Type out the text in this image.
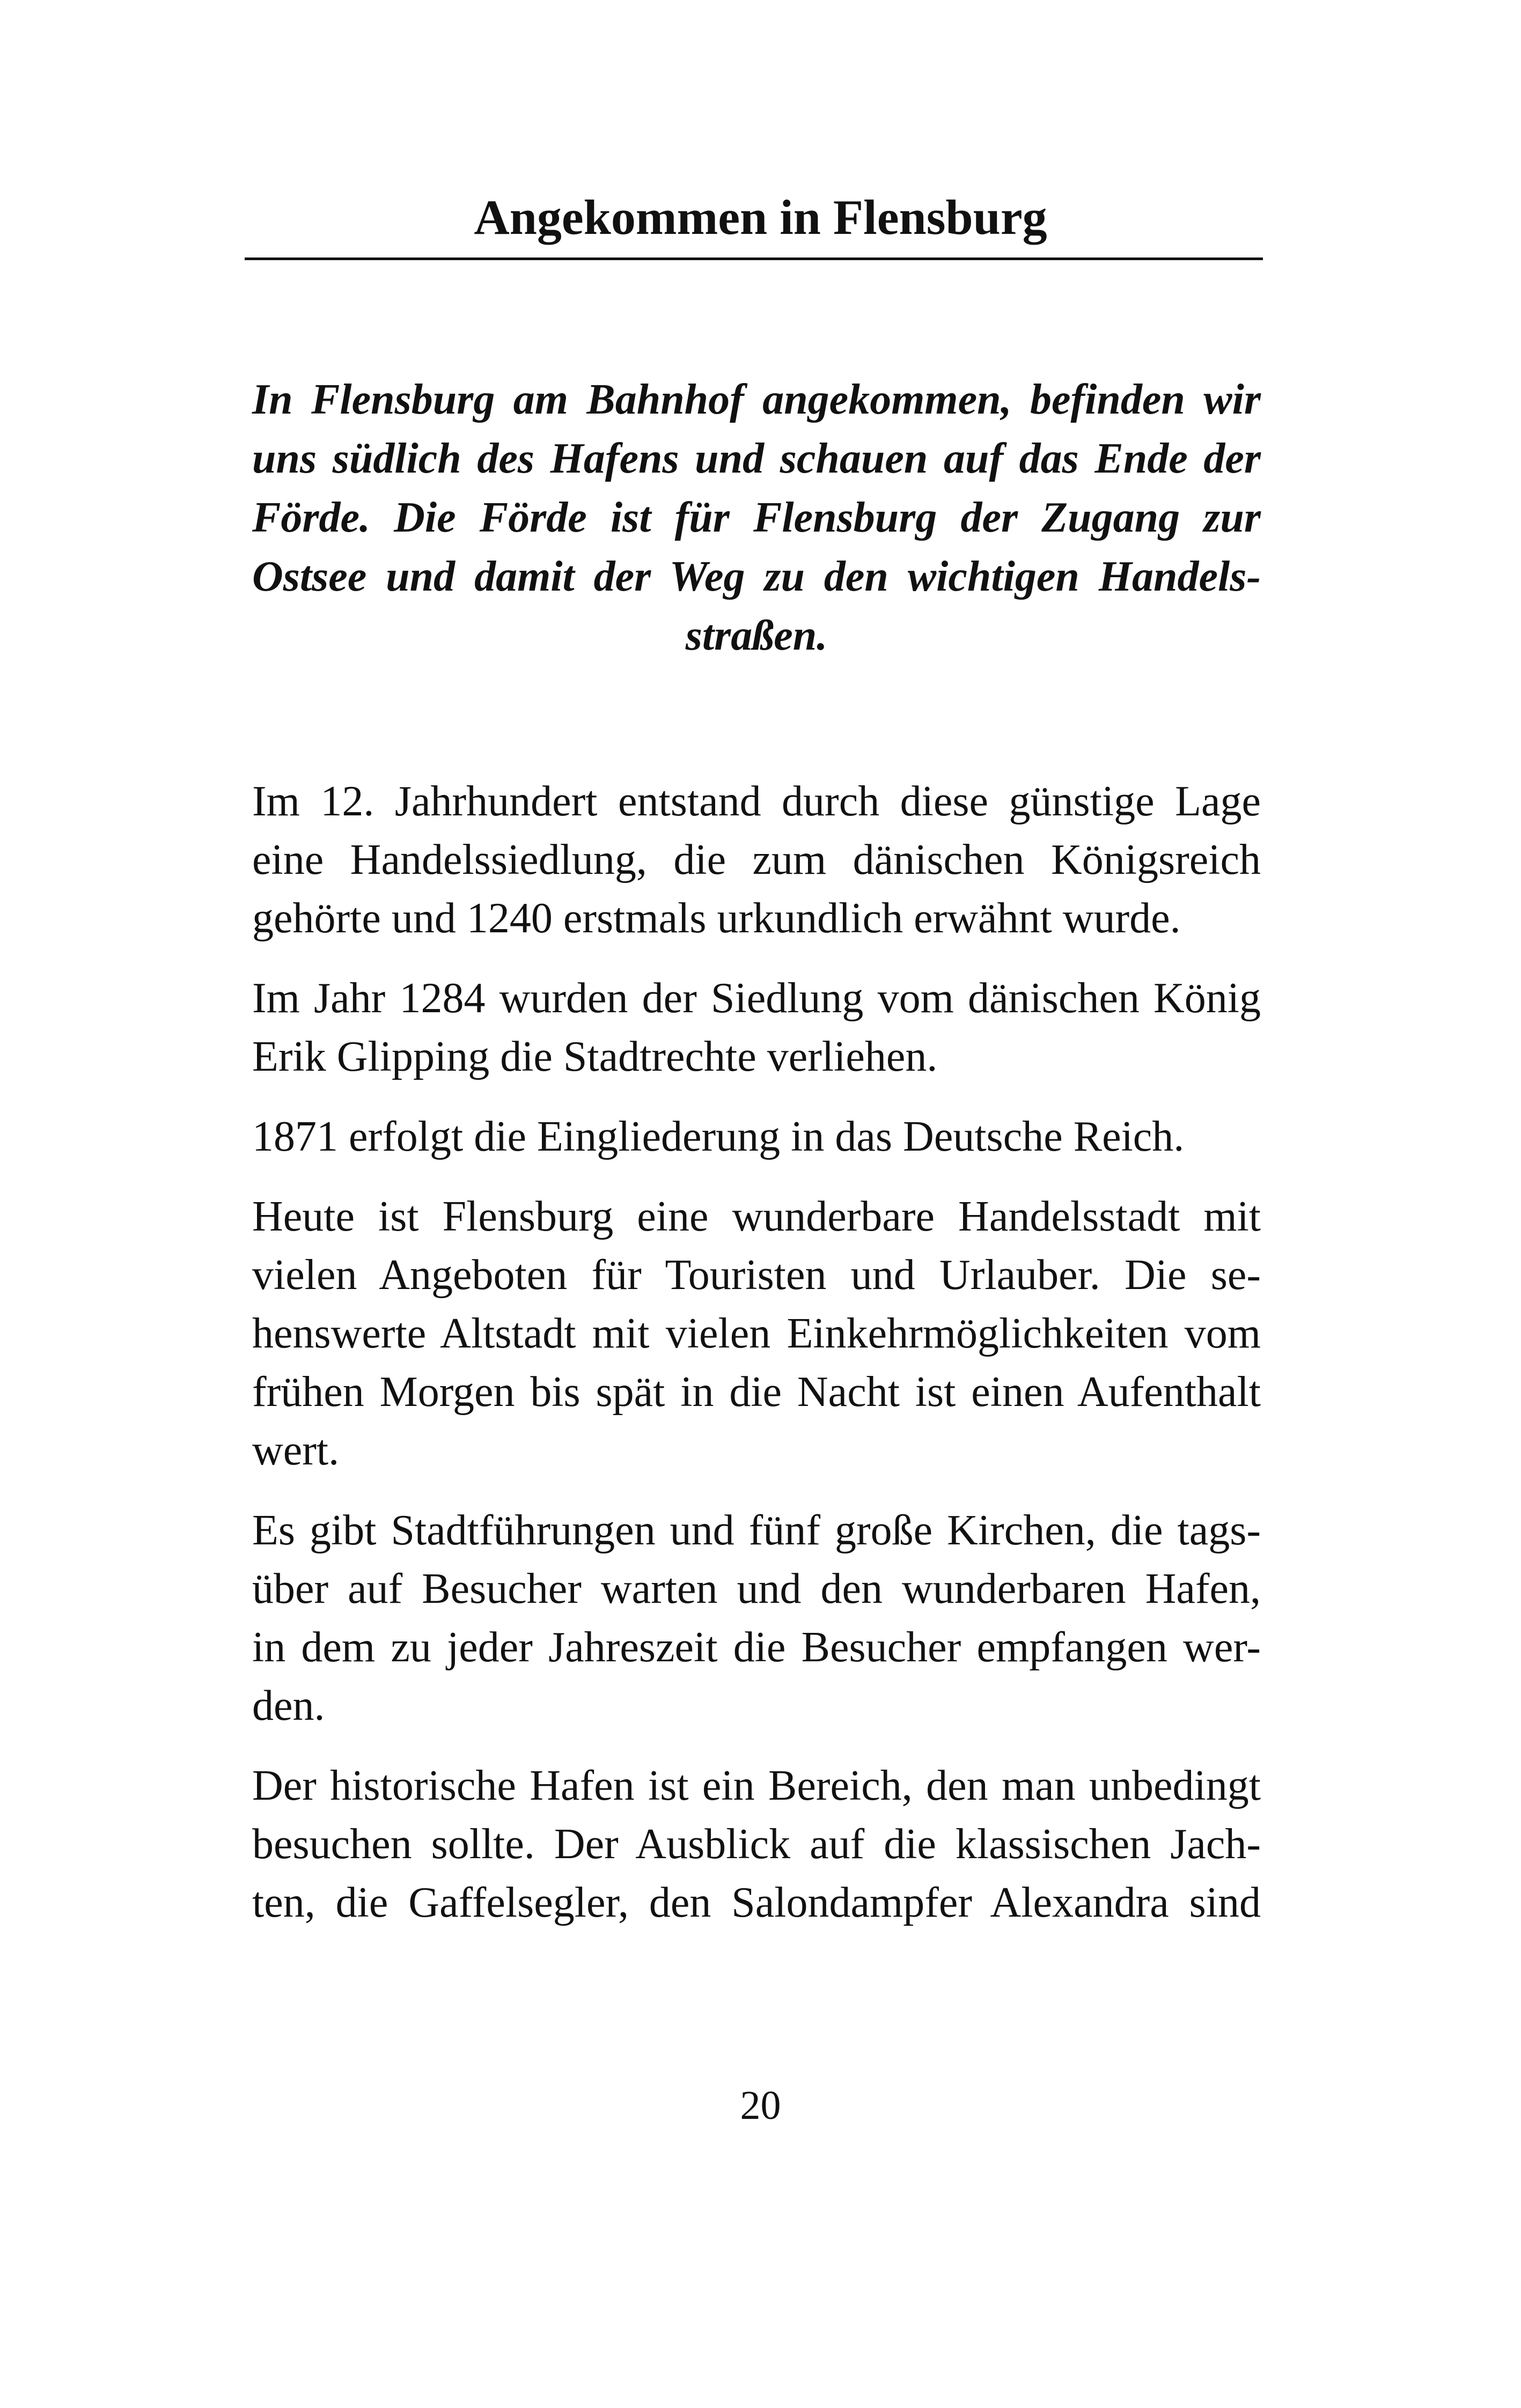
Angekommen in Flensburg

In Flensburg am Bahnhof angekommen, befinden wir
uns südlich des Hafens und schauen auf das Ende der
Förde. Die Förde ist für Flensburg der Zugang zur
Ostsee und damit der Weg zu den wichtigen Handels-
straßen.

Im 12. Jahrhundert entstand durch diese günstige Lage
eine Handelssiedlung, die zum dänischen Königsreich
gehörte und 1240 erstmals urkundlich erwähnt wurde.

Im Jahr 1284 wurden der Siedlung vom dänischen König
Erik Glipping die Stadtrechte verliehen.

1871 erfolgt die Eingliederung in das Deutsche Reich.

Heute ist Flensburg eine wunderbare Handelsstadt mit
vielen Angeboten für Touristen und Urlauber. Die se-
henswerte Altstadt mit vielen Einkehrmöglichkeiten vom
frühen Morgen bis spät in die Nacht ist einen Aufenthalt
wert.

Es gibt Stadtführungen und fünf große Kirchen, die tags-
über auf Besucher warten und den wunderbaren Hafen,
in dem zu jeder Jahreszeit die Besucher empfangen wer-
den.

Der historische Hafen ist ein Bereich, den man unbedingt
besuchen sollte. Der Ausblick auf die klassischen Jach-
ten, die Gaffelsegler, den Salondampfer Alexandra sind

20
